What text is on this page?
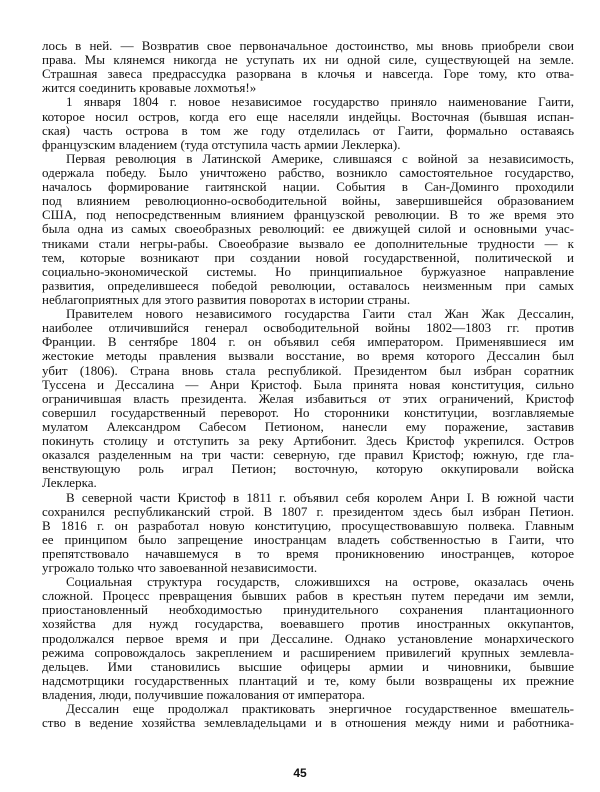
лось в ней. — Возвратив свое первоначальное достоинство, мы вновь приобрели свои
права. Мы клянемся никогда не уступать их ни одной силе, существующей на земле.
Страшная завеса предрассудка разорвана в клочья и навсегда. Горе тому, кто отва-
жится соединить кровавые лохмотья!»
1 января 1804 г. новое независимое государство приняло наименование Гаити,
которое носил остров, когда его еще населяли индейцы. Восточная (бывшая испан-
ская) часть острова в том же году отделилась от Гаити, формально оставаясь
французским владением (туда отступила часть армии Леклерка).
Первая революция в Латинской Америке, слившаяся с войной за независимость,
одержала победу. Было уничтожено рабство, возникло самостоятельное государство,
началось формирование гаитянской нации. События в Сан-Доминго проходили
под влиянием революционно-освободительной войны, завершившейся образованием
США, под непосредственным влиянием французской революции. В то же время это
была одна из самых своеобразных революций: ее движущей силой и основными учас-
тниками стали негры-рабы. Своеобразие вызвало ее дополнительные трудности — к
тем, которые возникают при создании новой государственной, политической и
социально-экономической системы. Но принципиальное буржуазное направление
развития, определившееся победой революции, оставалось неизменным при самых
неблагоприятных для этого развития поворотах в истории страны.
Правителем нового независимого государства Гаити стал Жан Жак Дессалин,
наиболее отличившийся генерал освободительной войны 1802—1803 гг. против
Франции. В сентябре 1804 г. он объявил себя императором. Применявшиеся им
жестокие методы правления вызвали восстание, во время которого Дессалин был
убит (1806). Страна вновь стала республикой. Президентом был избран соратник
Туссена и Дессалина — Анри Кристоф. Была принята новая конституция, сильно
ограничившая власть президента. Желая избавиться от этих ограничений, Кристоф
совершил государственный переворот. Но сторонники конституции, возглавляемые
мулатом Александром Сабесом Петионом, нанесли ему поражение, заставив
покинуть столицу и отступить за реку Артибонит. Здесь Кристоф укрепился. Остров
оказался разделенным на три части: северную, где правил Кристоф; южную, где гла-
венствующую роль играл Петион; восточную, которую оккупировали войска
Леклерка.
В северной части Кристоф в 1811 г. объявил себя королем Анри I. В южной части
сохранился республиканский строй. В 1807 г. президентом здесь был избран Петион.
В 1816 г. он разработал новую конституцию, просуществовавшую полвека. Главным
ее принципом было запрещение иностранцам владеть собственностью в Гаити, что
препятствовало начавшемуся в то время проникновению иностранцев, которое
угрожало только что завоеванной независимости.
Социальная структура государств, сложившихся на острове, оказалась очень
сложной. Процесс превращения бывших рабов в крестьян путем передачи им земли,
приостановленный необходимостью принудительного сохранения плантационного
хозяйства для нужд государства, воевавшего против иностранных оккупантов,
продолжался первое время и при Дессалине. Однако установление монархического
режима сопровождалось закреплением и расширением привилегий крупных землевла-
дельцев. Ими становились высшие офицеры армии и чиновники, бывшие
надсмотрщики государственных плантаций и те, кому были возвращены их прежние
владения, люди, получившие пожалования от императора.
Дессалин еще продолжал практиковать энергичное государственное вмешатель-
ство в ведение хозяйства землевладельцами и в отношения между ними и работника-
45
